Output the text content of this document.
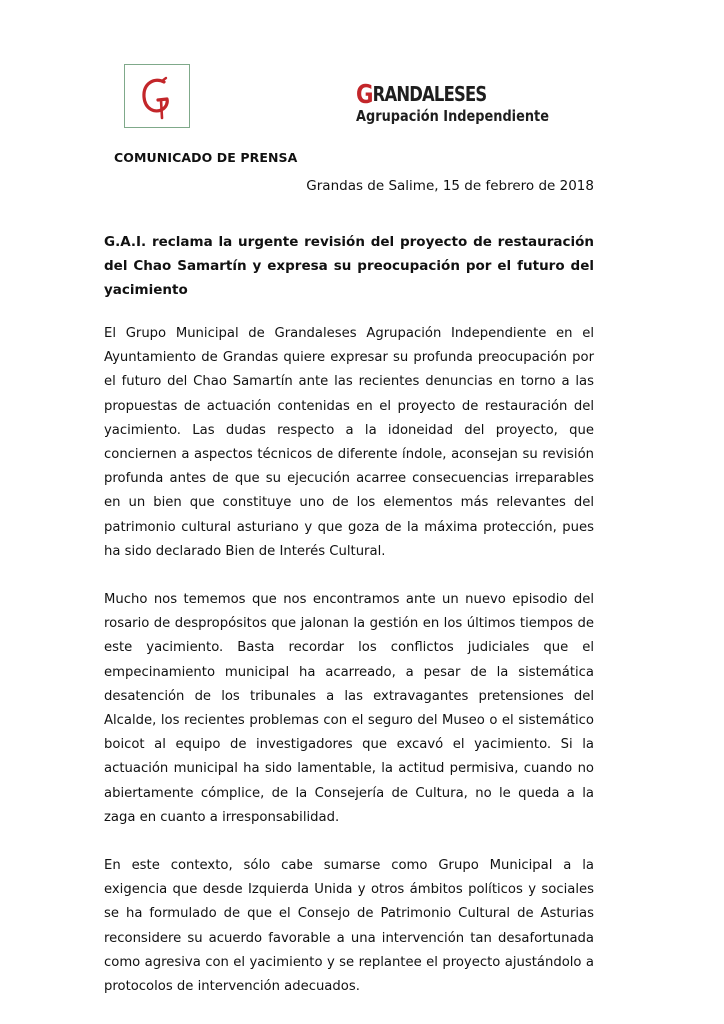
GRANDALESES
Agrupación Independiente
COMUNICADO DE PRENSA
Grandas de Salime, 15 de febrero de 2018

G.A.I. reclama la urgente revisión del proyecto de restauración del Chao Samartín y expresa su preocupación por el futuro del yacimiento

El Grupo Municipal de Grandaleses Agrupación Independiente en el Ayuntamiento de Grandas quiere expresar su profunda preocupación por el futuro del Chao Samartín ante las recientes denuncias en torno a las propuestas de actuación contenidas en el proyecto de restauración del yacimiento. Las dudas respecto a la idoneidad del proyecto, que conciernen a aspectos técnicos de diferente índole, aconsejan su revisión profunda antes de que su ejecución acarree consecuencias irreparables en un bien que constituye uno de los elementos más relevantes del patrimonio cultural asturiano y que goza de la máxima protección, pues ha sido declarado Bien de Interés Cultural.

Mucho nos tememos que nos encontramos ante un nuevo episodio del rosario de despropósitos que jalonan la gestión en los últimos tiempos de este yacimiento. Basta recordar los conflictos judiciales que el empecinamiento municipal ha acarreado, a pesar de la sistemática desatención de los tribunales a las extravagantes pretensiones del Alcalde, los recientes problemas con el seguro del Museo o el sistemático boicot al equipo de investigadores que excavó el yacimiento. Si la actuación municipal ha sido lamentable, la actitud permisiva, cuando no abiertamente cómplice, de la Consejería de Cultura, no le queda a la zaga en cuanto a irresponsabilidad.

En este contexto, sólo cabe sumarse como Grupo Municipal a la exigencia que desde Izquierda Unida y otros ámbitos políticos y sociales se ha formulado de que el Consejo de Patrimonio Cultural de Asturias reconsidere su acuerdo favorable a una intervención tan desafortunada como agresiva con el yacimiento y se replantee el proyecto ajustándolo a protocolos de intervención adecuados.
